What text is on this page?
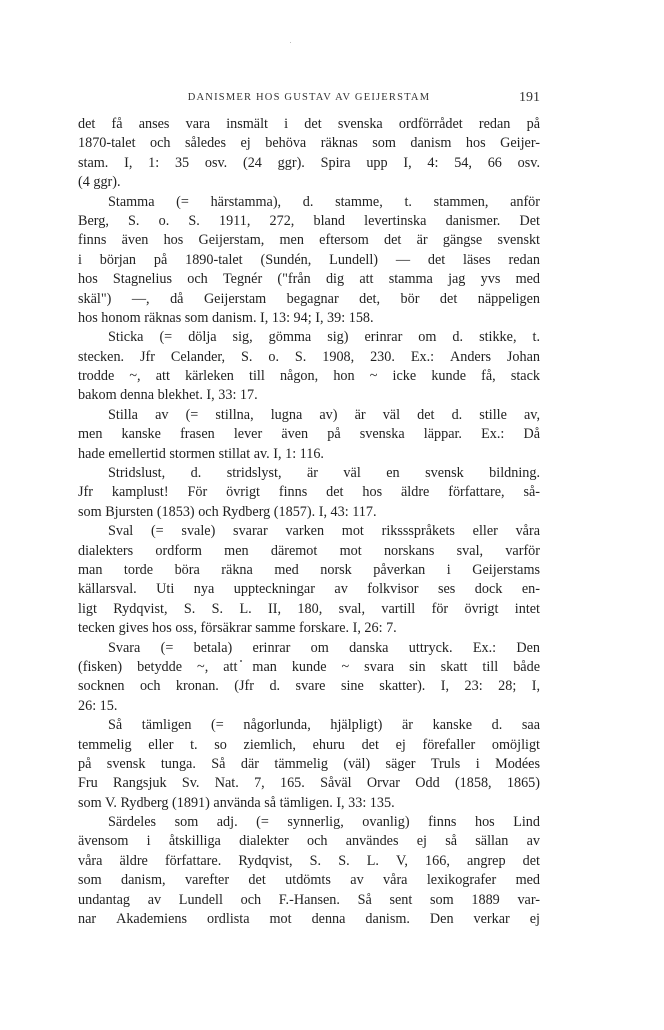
DANISMER HOS GUSTAV AV GEIJERSTAM	191
det få anses vara insmält i det svenska ordförrådet redan på
1870-talet och således ej behöva räknas som danism hos Geijer-
stam. I, 1: 35 osv. (24 ggr). Spira upp I, 4: 54, 66 osv.
(4 ggr).
Stamma (= härstamma), d. stamme, t. stammen, anför
Berg, S. o. S. 1911, 272, bland levertinska danismer. Det
finns även hos Geijerstam, men eftersom det är gängse svenskt
i början på 1890-talet (Sundén, Lundell) — det läses redan
hos Stagnelius och Tegnér ("från dig att stamma jag yvs med
skäl") —, då Geijerstam begagnar det, bör det näppeligen
hos honom räknas som danism. I, 13: 94; I, 39: 158.
Sticka (= dölja sig, gömma sig) erinrar om d. stikke, t.
stecken. Jfr Celander, S. o. S. 1908, 230. Ex.: Anders Johan
trodde ~, att kärleken till någon, hon ~ icke kunde få, stack
bakom denna blekhet. I, 33: 17.
Stilla av (= stillna, lugna av) är väl det d. stille av,
men kanske frasen lever även på svenska läppar. Ex.: Då
hade emellertid stormen stillat av. I, 1: 116.
Stridslust, d. stridslyst, är väl en svensk bildning.
Jfr kamplust! För övrigt finns det hos äldre författare, så-
som Bjursten (1853) och Rydberg (1857). I, 43: 117.
Sval (= svale) svarar varken mot rikssspråkets eller våra
dialekters ordform men däremot mot norskans sval, varför
man torde böra räkna med norsk påverkan i Geijerstams
källarsval. Uti nya uppteckningar av folkvisor ses dock en-
ligt Rydqvist, S. S. L. II, 180, sval, vartill för övrigt intet
tecken gives hos oss, försäkrar samme forskare. I, 26: 7.
Svara (= betala) erinrar om danska uttryck. Ex.: Den
(fisken) betydde ~, att man kunde ~ svara sin skatt till både
socknen och kronan. (Jfr d. svare sine skatter). I, 23: 28; I,
26: 15.
Så tämligen (= någorlunda, hjälpligt) är kanske d. saa
temmelig eller t. so ziemlich, ehuru det ej förefaller omöjligt
på svensk tunga. Så där tämmelig (väl) säger Truls i Modées
Fru Rangsjuk Sv. Nat. 7, 165. Såväl Orvar Odd (1858, 1865)
som V. Rydberg (1891) använda så tämligen. I, 33: 135.
Särdeles som adj. (= synnerlig, ovanlig) finns hos Lind
ävensom i åtskilliga dialekter och användes ej så sällan av
våra äldre författare. Rydqvist, S. S. L. V, 166, angrep det
som danism, varefter det utdömts av våra lexikografer med
undantag av Lundell och F.-Hansen. Så sent som 1889 var-
nar Akademiens ordlista mot denna danism. Den verkar ej
